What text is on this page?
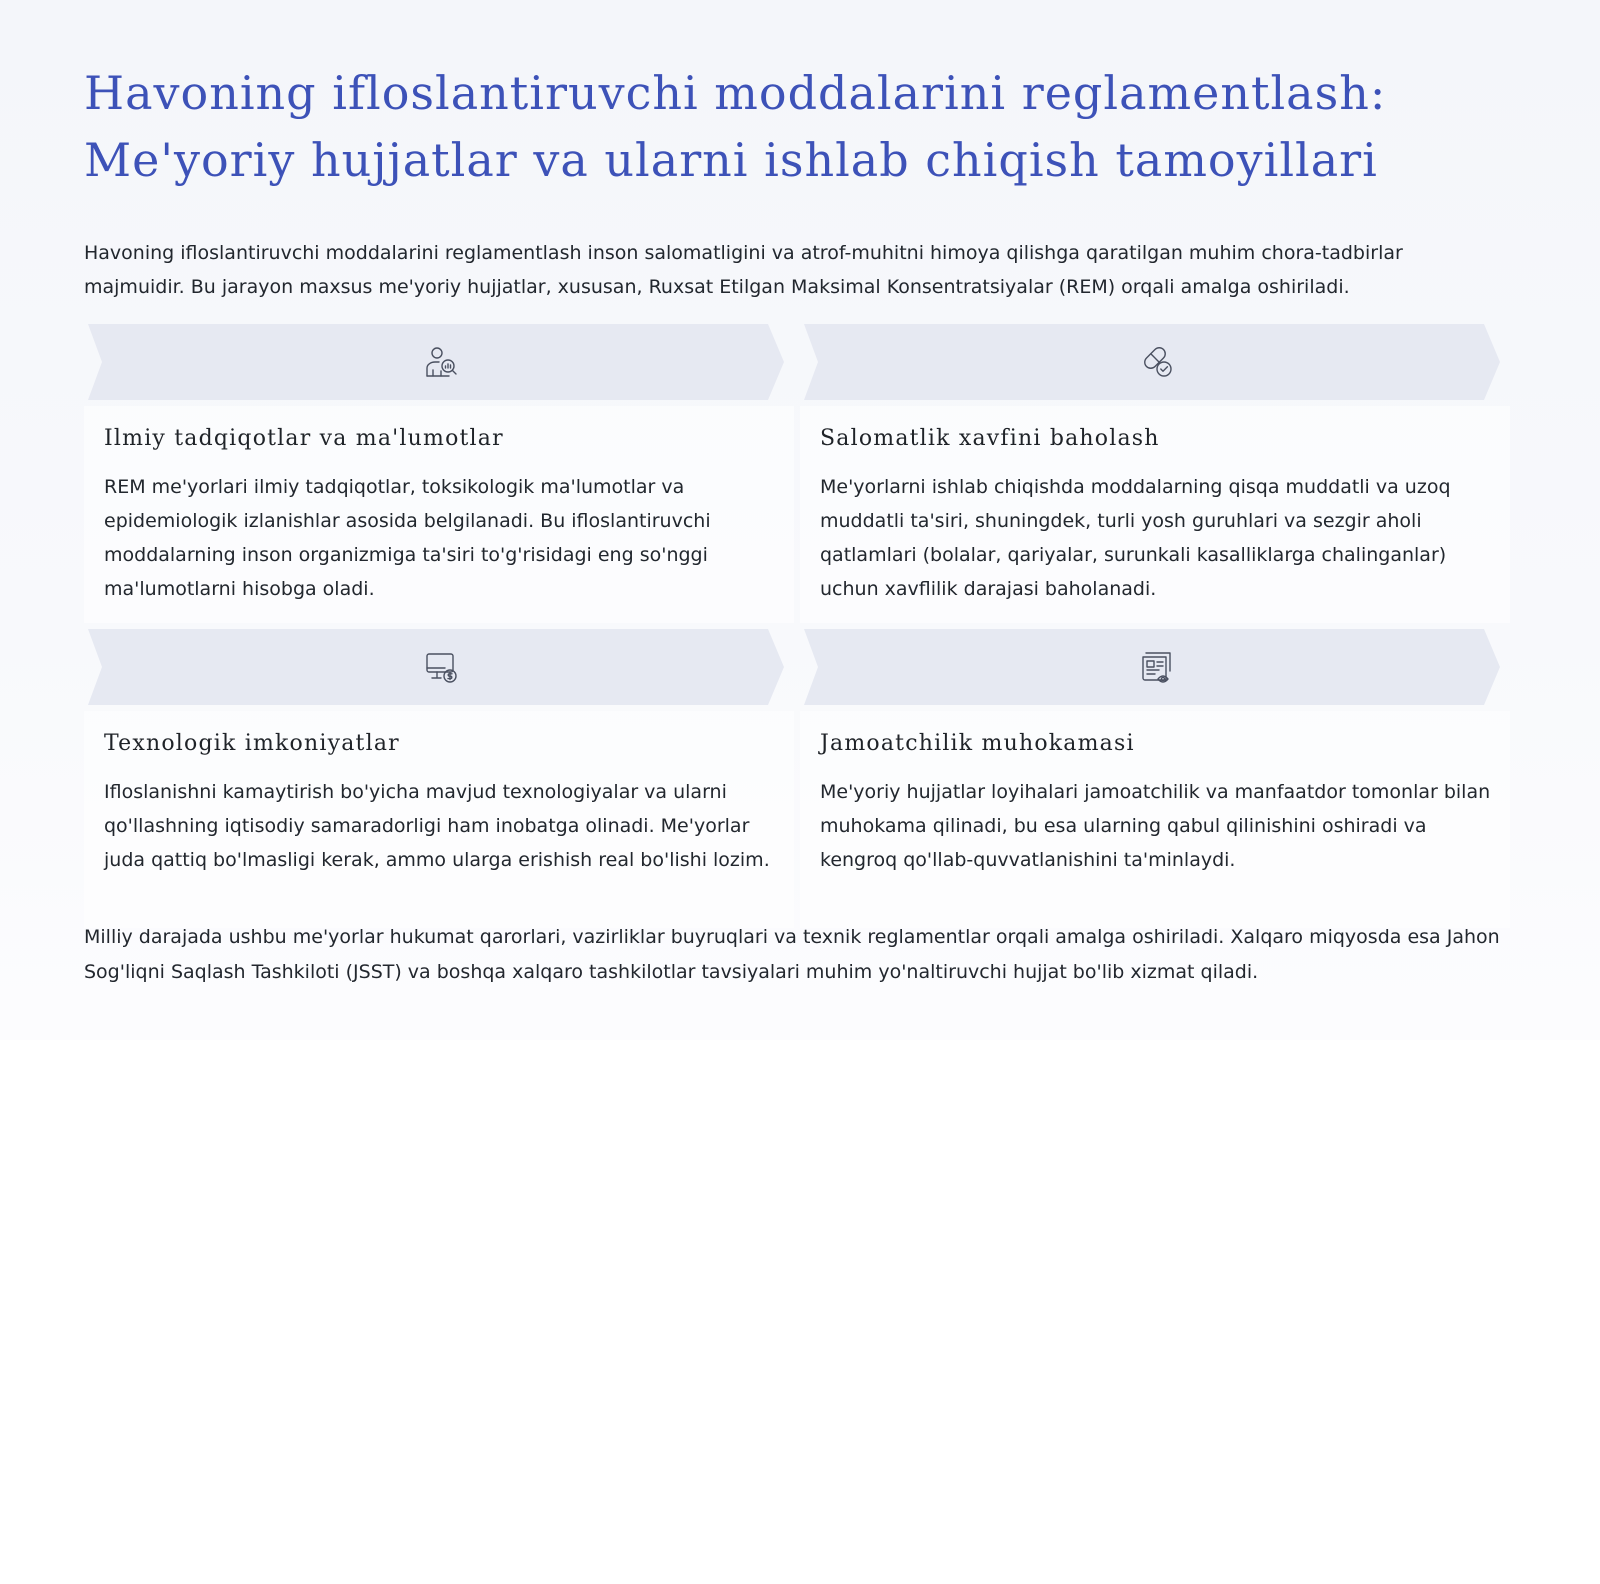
Havoning ifloslantiruvchi moddalarini reglamentlash:
Me'yoriy hujjatlar va ularni ishlab chiqish tamoyillari

Havoning ifloslantiruvchi moddalarini reglamentlash inson salomatligini va atrof-muhitni himoya qilishga qaratilgan muhim chora-tadbirlar majmuidir. Bu jarayon maxsus me'yoriy hujjatlar, xususan, Ruxsat Etilgan Maksimal Konsentratsiyalar (REM) orqali amalga oshiriladi.

Ilmiy tadqiqotlar va ma'lumotlar

REM me'yorlari ilmiy tadqiqotlar, toksikologik ma'lumotlar va epidemiologik izlanishlar asosida belgilanadi. Bu ifloslantiruvchi moddalarning inson organizmiga ta'siri to'g'risidagi eng so'nggi ma'lumotlarni hisobga oladi.

Salomatlik xavfini baholash

Me'yorlarni ishlab chiqishda moddalarning qisqa muddatli va uzoq muddatli ta'siri, shuningdek, turli yosh guruhlari va sezgir aholi qatlamlari (bolalar, qariyalar, surunkali kasalliklarga chalinganlar) uchun xavflilik darajasi baholanadi.

Texnologik imkoniyatlar

Ifloslanishni kamaytirish bo'yicha mavjud texnologiyalar va ularni qo'llashning iqtisodiy samaradorligi ham inobatga olinadi. Me'yorlar juda qattiq bo'lmasligi kerak, ammo ularga erishish real bo'lishi lozim.

Jamoatchilik muhokamasi

Me'yoriy hujjatlar loyihalari jamoatchilik va manfaatdor tomonlar bilan muhokama qilinadi, bu esa ularning qabul qilinishini oshiradi va kengroq qo'llab-quvvatlanishini ta'minlaydi.

Milliy darajada ushbu me'yorlar hukumat qarorlari, vazirliklar buyruqlari va texnik reglamentlar orqali amalga oshiriladi. Xalqaro miqyosda esa Jahon Sog'liqni Saqlash Tashkiloti (JSST) va boshqa xalqaro tashkilotlar tavsiyalari muhim yo'naltiruvchi hujjat bo'lib xizmat qiladi.
